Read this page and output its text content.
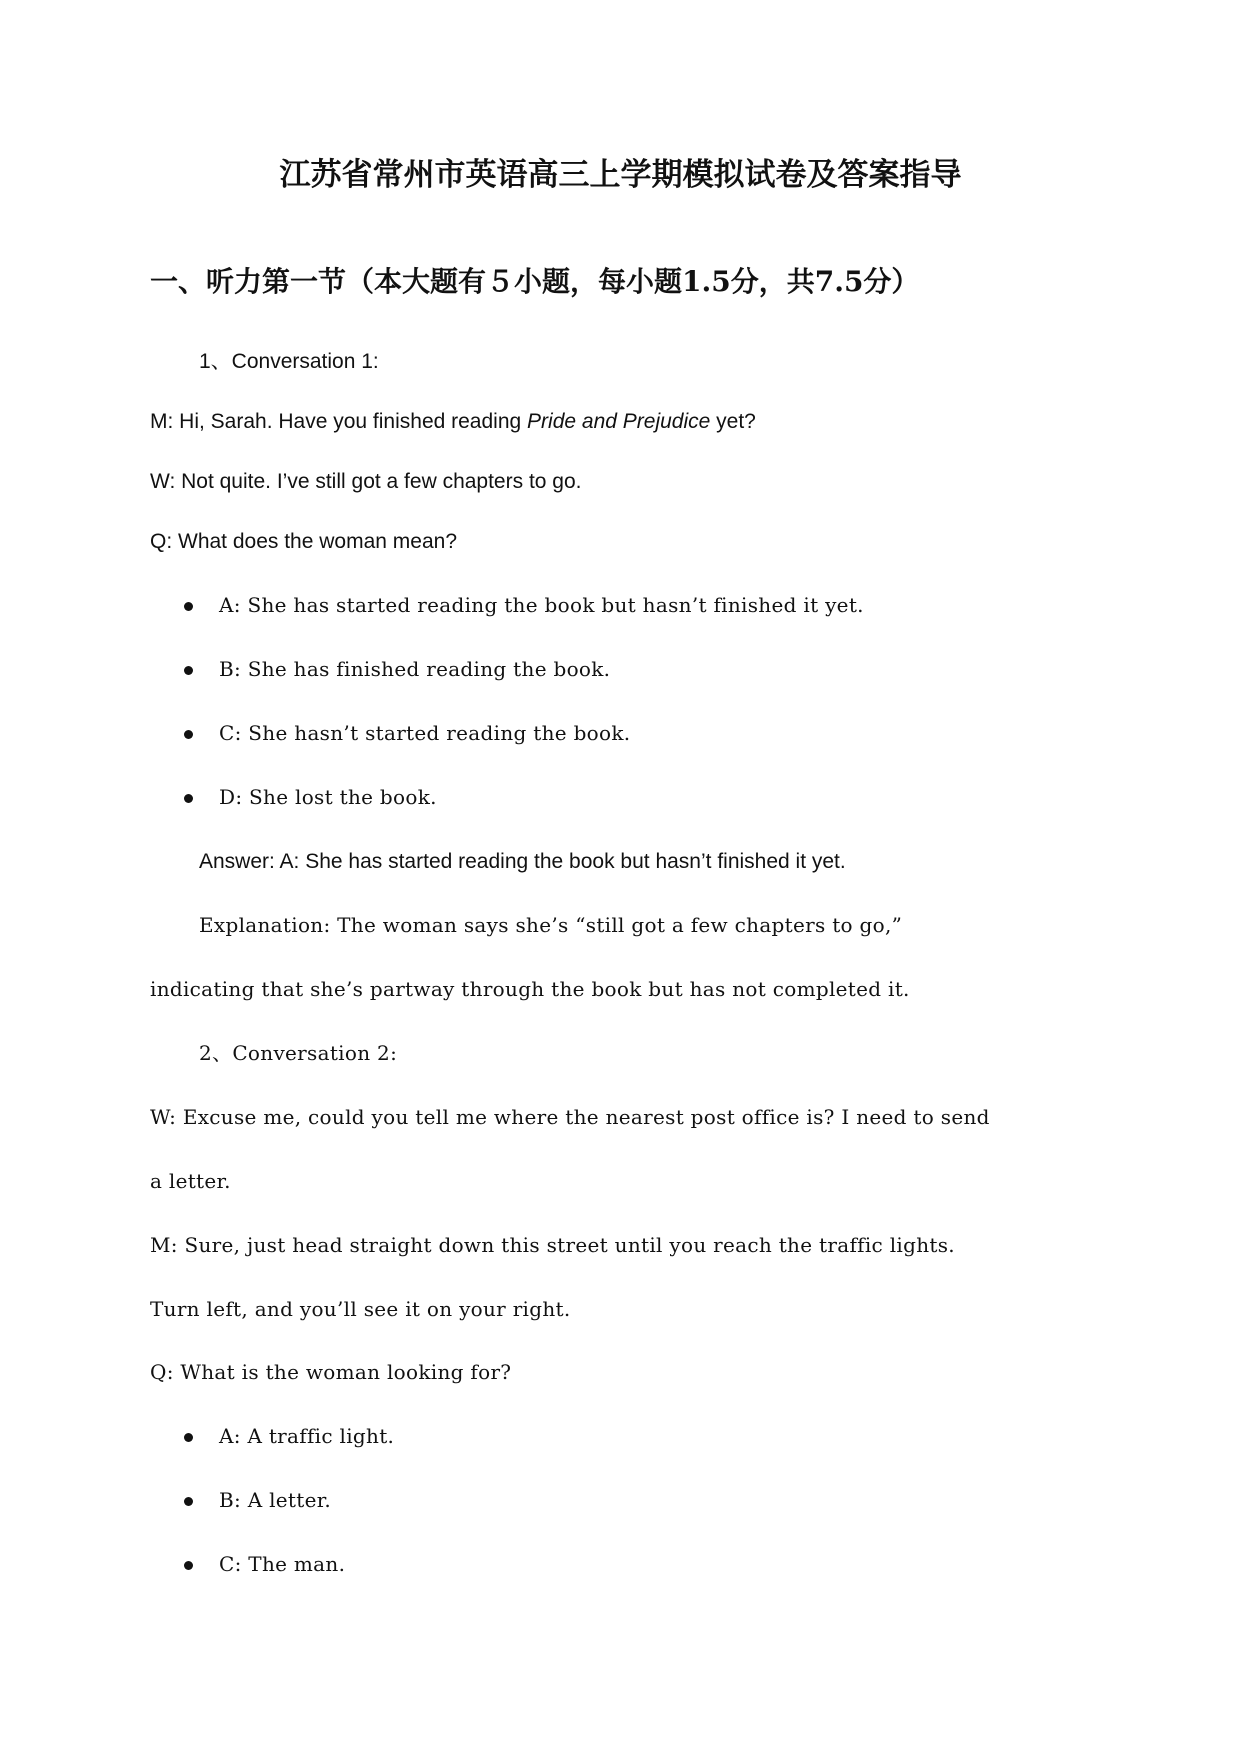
江苏省常州市英语高三上学期模拟试卷及答案指导
一、听力第一节（本大题有５小题，每小题1.5分，共7.5分）

1、Conversation 1:

M: Hi, Sarah. Have you finished reading Pride and Prejudice yet?

W: Not quite. I’ve still got a few chapters to go.

Q: What does the woman mean?

A: She has started reading the book but hasn’t finished it yet.
B: She has finished reading the book.
C: She hasn’t started reading the book.
D: She lost the book.

Answer: A: She has started reading the book but hasn’t finished it yet.

Explanation: The woman says she’s “still got a few chapters to go,”

indicating that she’s partway through the book but has not completed it.

2、Conversation 2:

W: Excuse me, could you tell me where the nearest post office is? I need to send

a letter.

M: Sure, just head straight down this street until you reach the traffic lights.

Turn left, and you’ll see it on your right.

Q: What is the woman looking for?

A: A traffic light.
B: A letter.
C: The man.
